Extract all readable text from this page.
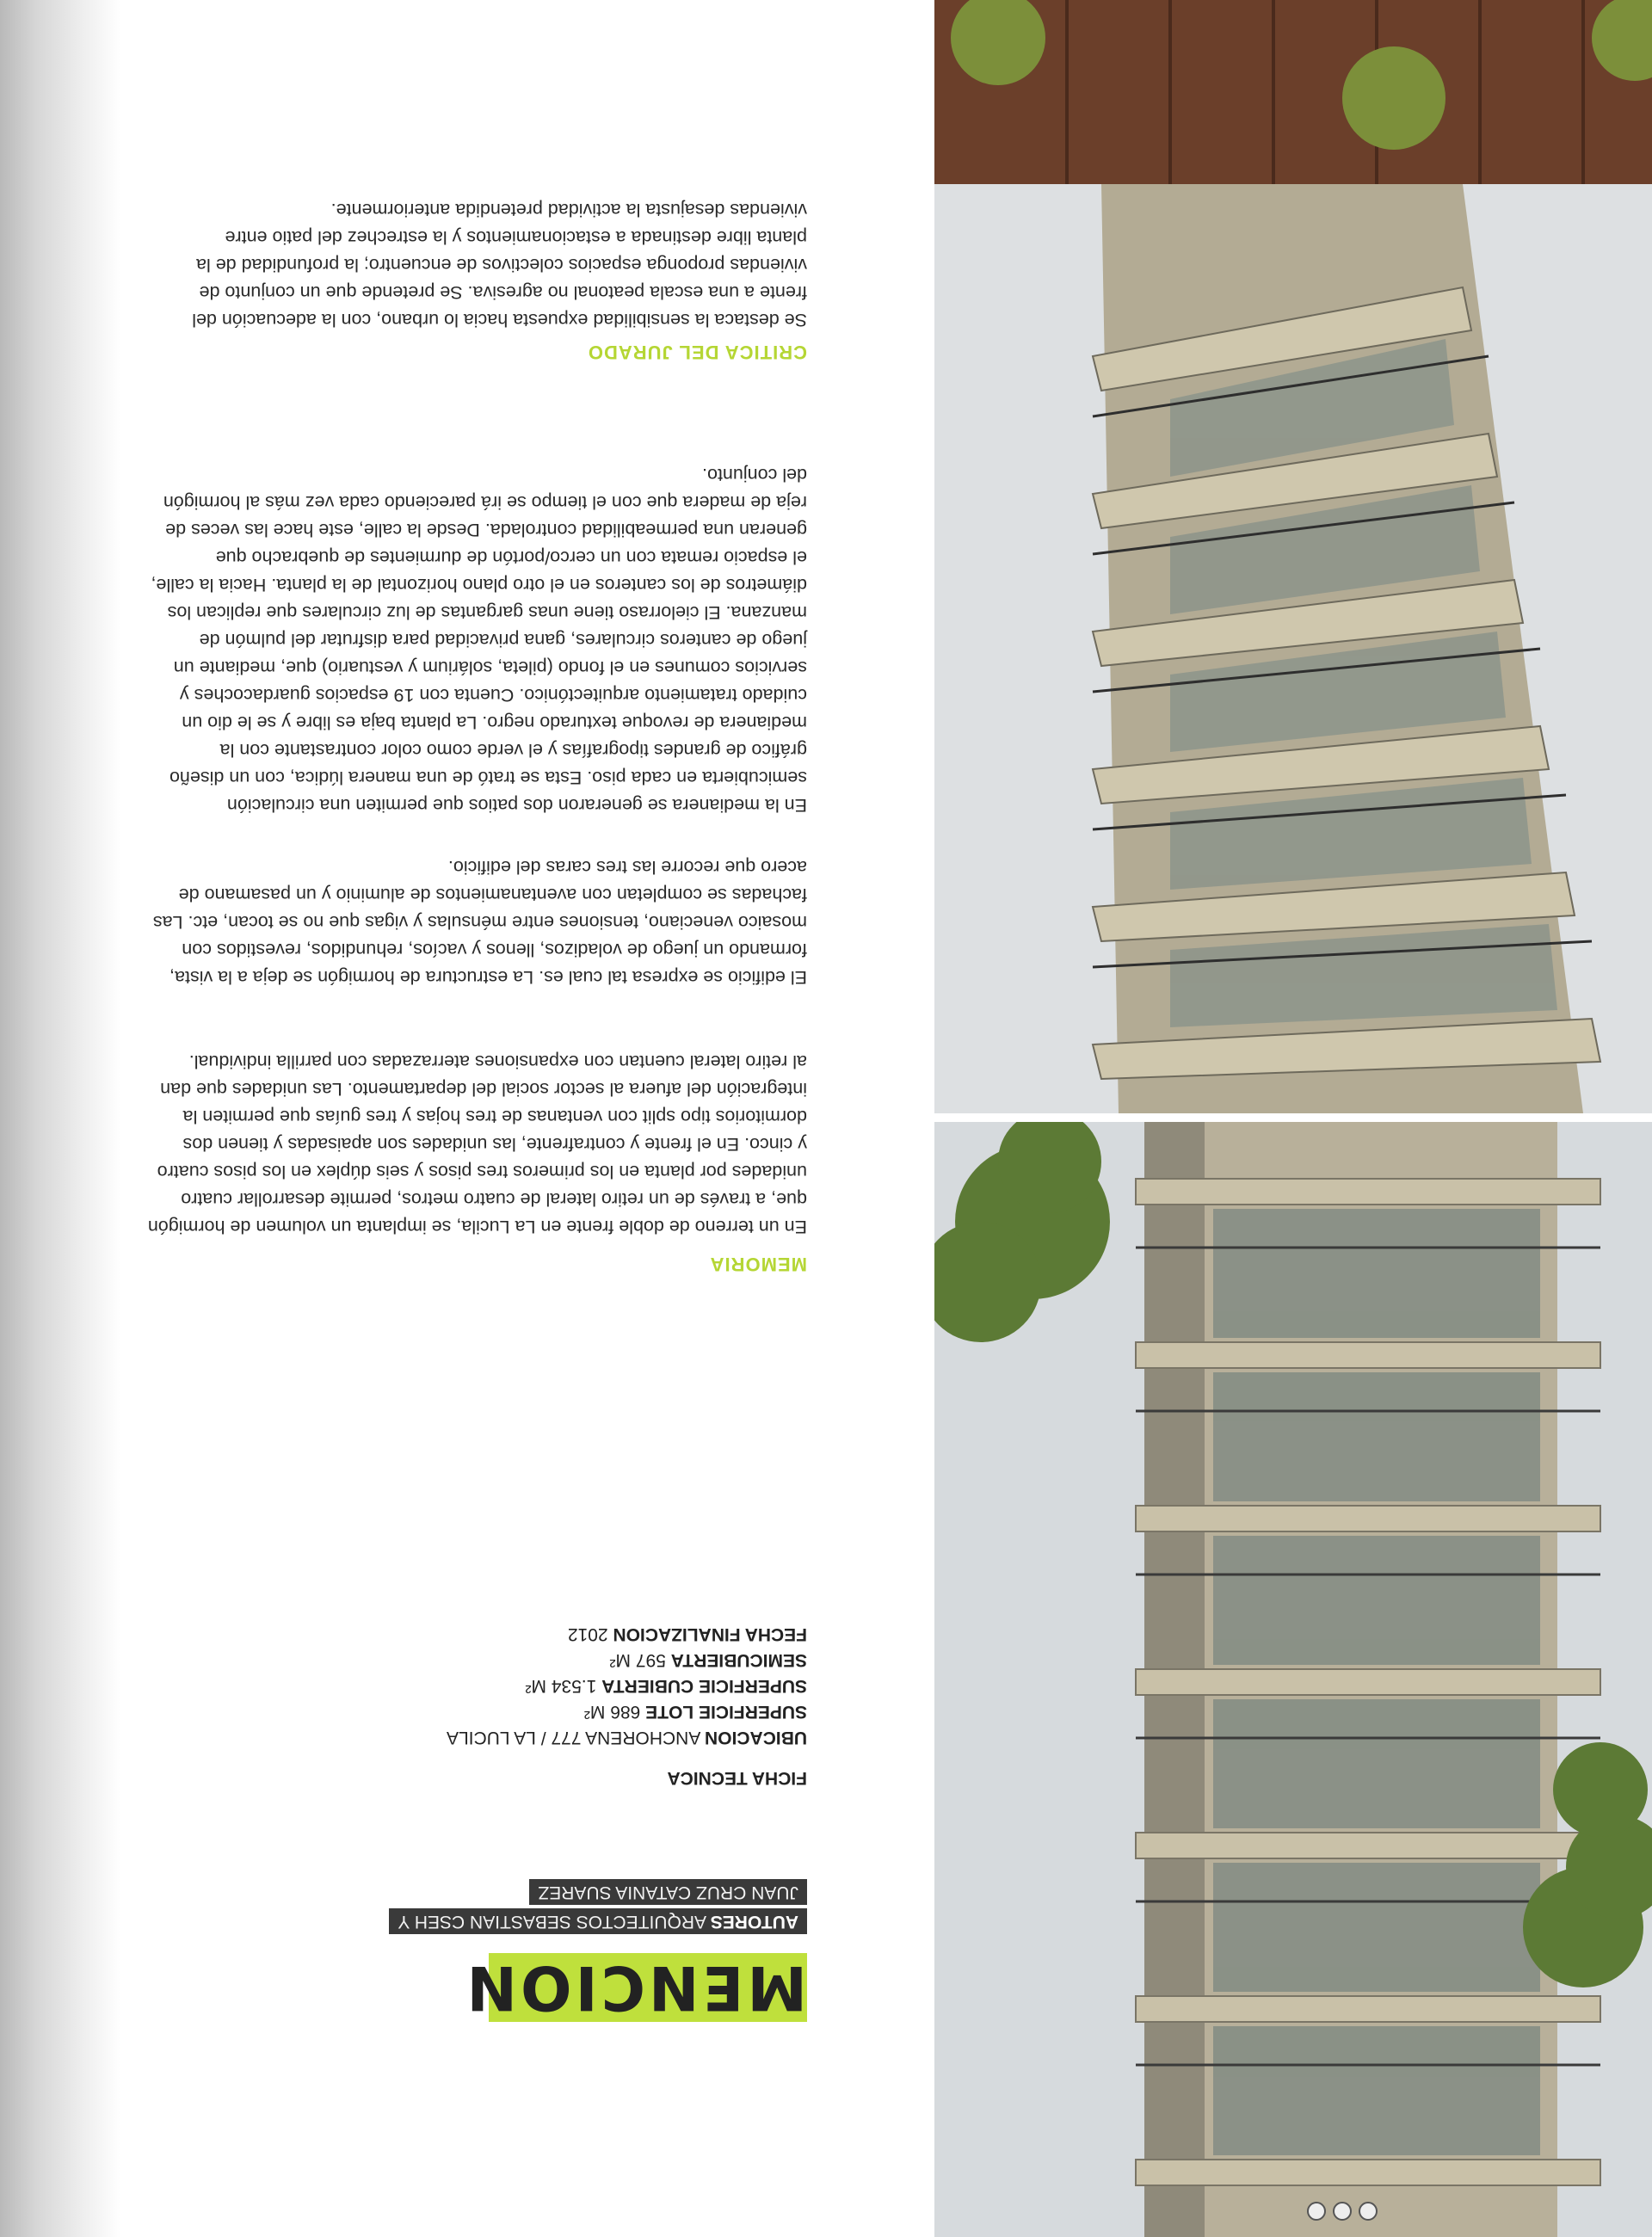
MENCION
AUTORES ARQUITECTOS SEBASTIAN CSEH Y
JUAN CRUZ CATANIA SUAREZ
FICHA TECNICA
UBICACION ANCHORENA 777 / LA LUCILA
SUPERFICIE LOTE 686 M²
SUPERFICIE CUBIERTA 1.534 M²
SEMICUBIERTA 597 M²
FECHA FINALIZACION 2012
MEMORIA

En un terreno de doble frente en La Lucila, se implanta un volumen de hormigón que, a través de un retiro lateral de cuatro metros, permite desarrollar cuatro unidades por planta en los primeros tres pisos y seis dúplex en los pisos cuatro y cinco. En el frente y contrafrente, las unidades son apaisadas y tienen dos dormitorios tipo split con ventanas de tres hojas y tres guías que permiten la integración del afuera al sector social del departamento. Las unidades que dan al retiro lateral cuentan con expansiones aterrazadas con parrilla individual.

El edificio se expresa tal cual es. La estructura de hormigón se deja a la vista, formando un juego de voladizos, llenos y vacíos, rehundidos, revestidos con mosaico veneciano, tensiones entre ménsulas y vigas que no se tocan, etc. Las fachadas se completan con aventanamientos de aluminio y un pasamano de acero que recorre las tres caras del edificio.

En la medianera se generaron dos patios que permiten una circulación semicubierta en cada piso. Esta se trató de una manera lúdica, con un diseño gráfico de grandes tipografías y el verde como color contrastante con la medianera de revoque texturado negro. La planta baja es libre y se le dio un cuidado tratamiento arquitectónico. Cuenta con 19 espacios guardacoches y servicios comunes en el fondo (pileta, solárium y vestuario) que, mediante un juego de canteros circulares, gana privacidad para disfrutar del pulmón de manzana. El cielorraso tiene unas gargantas de luz circulares que replican los diámetros de los canteros en el otro plano horizontal de la planta. Hacia la calle, el espacio remata con un cerco/portón de durmientes de quebracho que generan una permeabilidad controlada. Desde la calle, este hace las veces de reja de madera que con el tiempo se irá pareciendo cada vez más al hormigón del conjunto.

CRITICA DEL JURADO

Se destaca la sensibilidad expuesta hacia lo urbano, con la adecuación del frente a una escala peatonal no agresiva. Se pretende que un conjunto de viviendas proponga espacios colectivos de encuentro; la profundidad de la planta libre destinada a estacionamientos y la estrechez del patio entre viviendas desajusta la actividad pretendida anteriormente.
